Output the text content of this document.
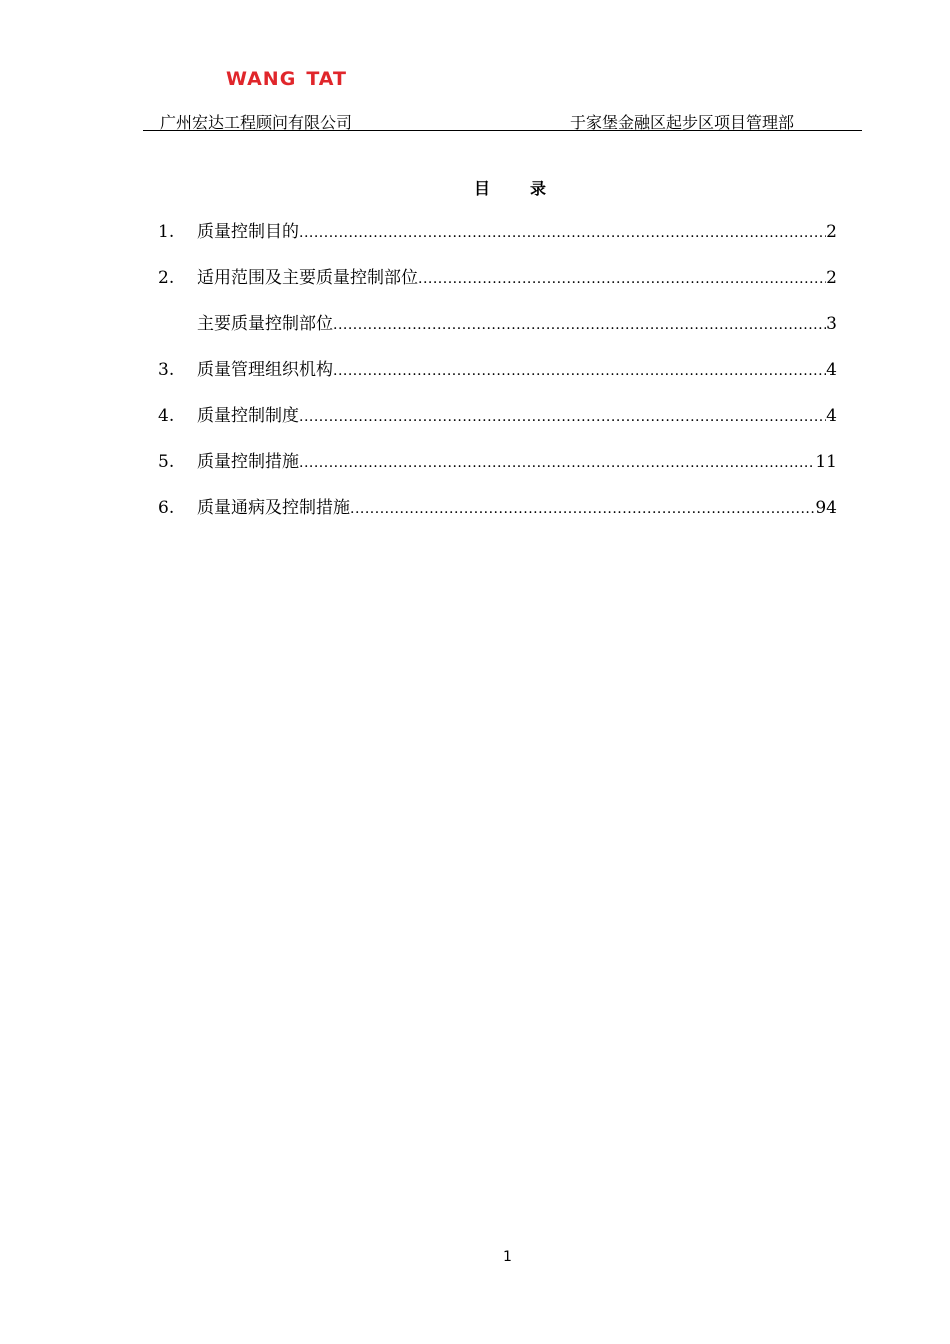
WANG TAT
广州宏达工程顾问有限公司	于家堡金融区起步区项目管理部
目	录
1.	质量控制目的 .....	2
2.	适用范围及主要质量控制部位 .....	2
主要质量控制部位 .....	3
3.	质量管理组织机构 .....	4
4.	质量控制制度 .....	4
5.	质量控制措施 .....	11
6.	质量通病及控制措施 .....	94
1
